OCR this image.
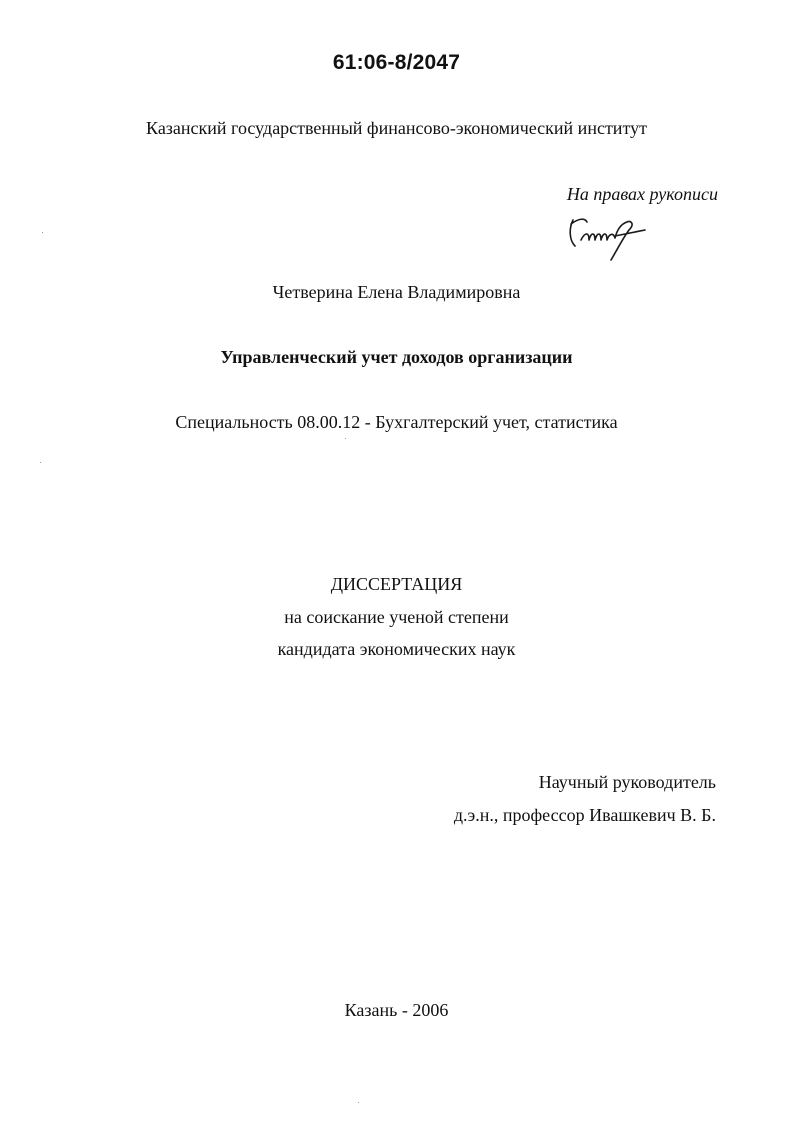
61:06-8/2047
Казанский государственный финансово-экономический институт
На правах рукописи
Четверина Елена Владимировна
Управленческий учет доходов организации
Специальность 08.00.12 - Бухгалтерский учет, статистика
ДИССЕРТАЦИЯ
на соискание ученой степени
кандидата экономических наук
Научный руководитель
д.э.н., профессор Ивашкевич В. Б.
Казань - 2006
